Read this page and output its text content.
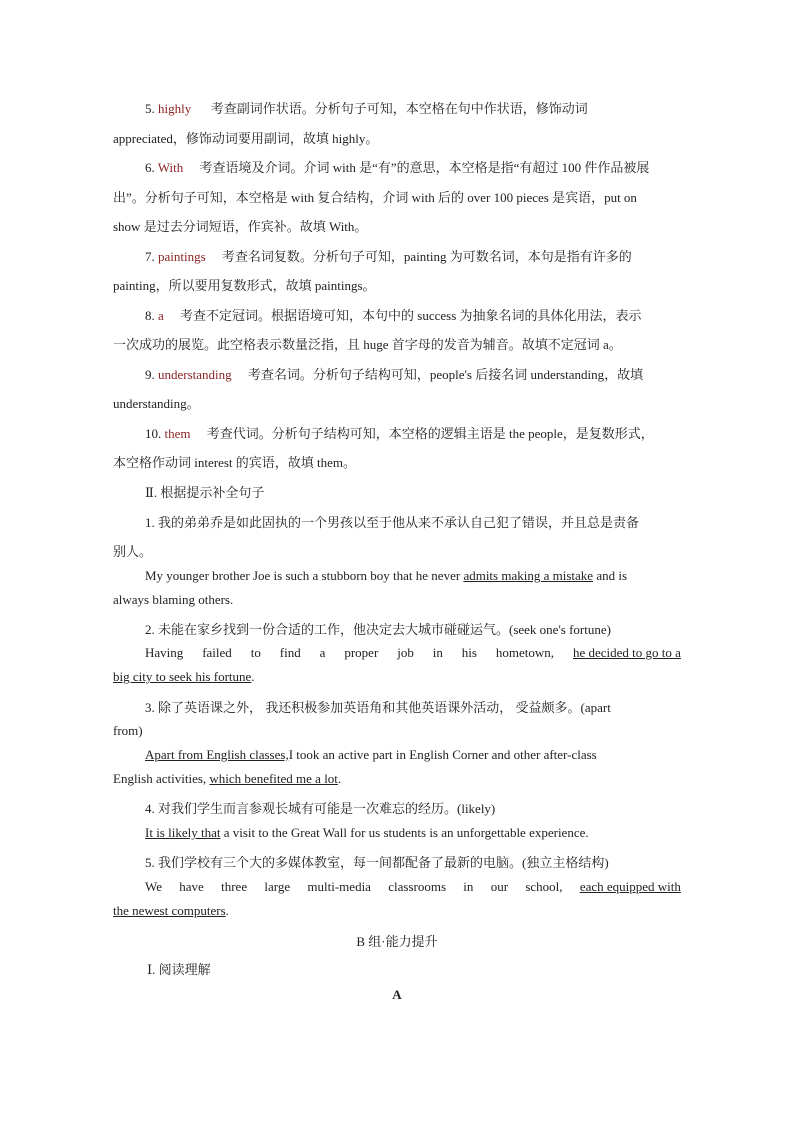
5. highly 考查副词作状语。分析句子可知，本空格在句中作状语，修饰动词
appreciated，修饰动词要用副词，故填 highly。
6. With 考查语境及介词。介词 with 是“有”的意思，本空格是指“有超过 100 件作品被展
出”。分析句子可知，本空格是 with 复合结构，介词 with 后的 over 100 pieces 是宾语，put on
show 是过去分词短语，作宾补。故填 With。
7. paintings 考查名词复数。分析句子可知，painting 为可数名词，本句是指有许多的
painting，所以要用复数形式，故填 paintings。
8. a 考查不定冠词。根据语境可知，本句中的 success 为抽象名词的具体化用法，表示
一次成功的展览。此空格表示数量泛指，且 huge 首字母的发音为辅音。故填不定冠词 a。
9. understanding 考查名词。分析句子结构可知，people's 后接名词 understanding，故填
understanding。
10. them 考查代词。分析句子结构可知，本空格的逻辑主语是 the people，是复数形式，
本空格作动词 interest 的宾语，故填 them。
Ⅱ. 根据提示补全句子
1. 我的弟弟乔是如此固执的一个男孩以至于他从来不承认自己犯了错误，并且总是责备
别人。
My younger brother Joe is such a stubborn boy that he never admits making a mistake and is
always blaming others.
2. 未能在家乡找到一份合适的工作，他决定去大城市碰碰运气。(seek one's fortune)
Having failed to find a proper job in his hometown, he decided to go to a
big city to seek his fortune.
3. 除了英语课之外， 我还积极参加英语角和其他英语课外活动， 受益颇多。(apart
from)
Apart from English classes,I took an active part in English Corner and other after-class
English activities, which benefited me a lot.
4. 对我们学生而言参观长城有可能是一次难忘的经历。(likely)
It is likely that a visit to the Great Wall for us students is an unforgettable experience.
5. 我们学校有三个大的多媒体教室，每一间都配备了最新的电脑。(独立主格结构)
We have three large multi-media classrooms in our school, each equipped with
the newest computers.
B 组·能力提升
Ⅰ. 阅读理解
A
